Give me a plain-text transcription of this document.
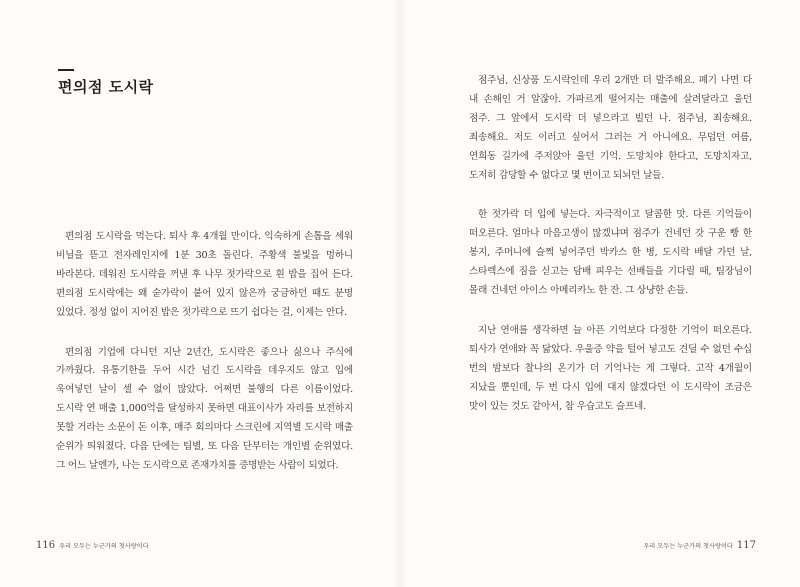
편의점 도시락

편의점 도시락을 먹는다. 퇴사 후 4개월 만이다. 익숙하게 손톱을 세워 비닐을 뜯고 전자레인지에 1분 30초 돌린다. 주황색 불빛을 멍하니 바라본다. 데워진 도시락을 꺼낸 후 나무 젓가락으로 흰 밥을 집어 든다. 편의점 도시락에는 왜 숟가락이 붙어 있지 않은까 궁금하던 때도 분명 있었다. 정성 없이 지어진 밥은 젓가락으로 뜨기 쉽다는 걸, 이제는 안다.

편의점 기업에 다니던 지난 2년간, 도시락은 좋으나 싫으나 주식에 가까웠다. 유통기한을 두어 시간 넘긴 도시락을 데우지도 않고 입에 욱여넣던 날이 셀 수 없이 많았다. 어쩌면 불행의 다른 이름이었다. 도시락 연 매출 1,000억을 달성하지 못하면 대표이사가 자리를 보전하지 못할 거라는 소문이 돈 이후, 매주 회의마다 스크린에 지역별 도시락 매출 순위가 띄워졌다. 다음 단에는 팀별, 또 다음 단부터는 개인별 순위였다. 그 어느 날엔가, 나는 도시락으로 존재가치를 증명받는 사람이 되었다.

116 우리 모두는 누군가의 첫사랑이다	우리 모두는 누군가의 첫사랑이다 117

점주님, 신상품 도시락인데 우리 2개만 더 발주해요. 폐기 나면 다 내 손해인 거 알잖아. 가파르게 떨어지는 매출에 살려달라고 울던 점주. 그 앞에서 도시락 더 넣으라고 빌던 나. 점주님, 죄송해요. 죄송해요. 저도 이러고 싶어서 그러는 거 아니에요. 무덥던 여름, 연희동 길가에 주저앉아 울던 기억. 도망치야 한다고, 도망치자고, 도저히 감당할 수 없다고 몇 번이고 되뇌던 날들.

한 젓가락 더 입에 넣는다. 자극적이고 달콤한 맛. 다른 기억들이 떠오른다. 얼마나 마음고생이 많겠냐며 점주가 건네던 갓 구운 빵 한 봉지, 주머니에 슬쩍 넣어주던 박카스 한 병, 도시락 배달 가던 날, 스타렉스에 짐을 싣고는 담배 피우는 선배들을 기다릴 때, 팀장님이 몰래 건네던 아이스 아메리카노 한 잔. 그 상냥한 손들.

지난 연애를 생각하면 늘 아픈 기억보다 다정한 기억이 떠오른다. 퇴사가 연애와 꼭 닮았다. 우울증 약을 털어 넣고도 견딜 수 없던 수십 번의 밤보다 찰나의 온기가 더 기억나는 게 그렇다. 고작 4개월이 지났을 뿐인데, 두 번 다시 입에 대지 않겠다던 이 도시락이 조금은 맛이 있는 것도 같아서, 참 우습고도 슬프네.
